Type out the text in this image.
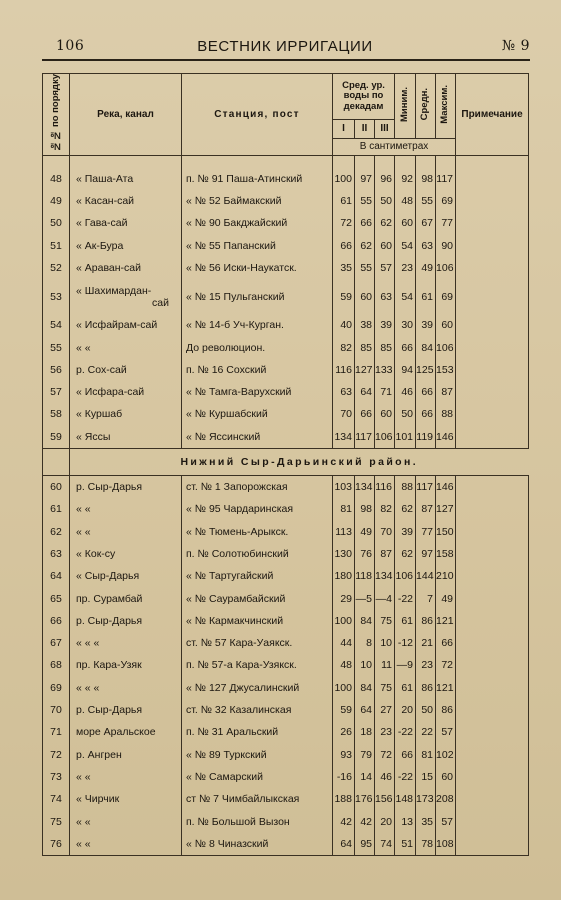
106	ВЕСТНИК ИРРИГАЦИИ	№ 9
№№ по порядку	Река, канал	Станция, пост	Сред. ур. воды по декадам			Миним.	Средн.	Максим.	Примечание
			I	II	III				
			В сантиметрах						

48	« Паша-Ата	п. № 91 Паша-Атинский	100	97	96	92	98	117	
49	« Касан-сай	« № 52 Баймакский	61	55	50	48	55	69	
50	« Гава-сай	« № 90 Бакджайский	72	66	62	60	67	77	
51	« Ак-Бура	« № 55 Папанский	66	62	60	54	63	90	
52	« Араван-сай	« № 56 Иски-Наукатск.	35	55	57	23	49	106	
53	« Шахимардан-
сай	« № 15 Пульганский	59	60	63	54	61	69	
54	« Исфайрам-сай	« № 14-б Уч-Курган.	40	38	39	30	39	60	
55	« «	До революцион.	82	85	85	66	84	106	
56	р. Сох-сай	п. № 16 Сохский	116	127	133	94	125	153	
57	« Исфара-сай	« № Тамга-Варухский	63	64	71	46	66	87	
58	« Куршаб	« № Куршабский	70	66	60	50	66	88	
59	« Яссы	« № Яссинский	134	117	106	101	119	146	
	Нижний Сыр-Дарьинский район.								
60	р. Сыр-Дарья	ст. № 1 Запорожская	103	134	116	88	117	146	
61	« «	« № 95 Чардаринская	81	98	82	62	87	127	
62	« «	« № Тюмень-Арыкск.	113	49	70	39	77	150	
63	« Кок-су	п. № Солотюбинский	130	76	87	62	97	158	
64	« Сыр-Дарья	« № Тартугайский	180	118	134	106	144	210	
65	пр. Сурамбай	« № Саурамбайский	29	—5	—4	-22	7	49	
66	р. Сыр-Дарья	« № Кармакчинский	100	84	75	61	86	121	
67	« « «	ст. № 57 Кара-Уаякск.	44	8	10	-12	21	66	
68	пр. Кара-Узяк	п. № 57-а Кара-Узякск.	48	10	11	—9	23	72	
69	« « «	« № 127 Джусалинский	100	84	75	61	86	121	
70	р. Сыр-Дарья	ст. № 32 Казалинская	59	64	27	20	50	86	
71	море Аральское	п. № 31 Аральский	26	18	23	-22	22	57	
72	р. Ангрен	« № 89 Туркский	93	79	72	66	81	102	
73	« «	« № Самарский	-16	14	46	-22	15	60	
74	« Чирчик	ст № 7 Чимбайлыкская	188	176	156	148	173	208	
75	« «	п. № Большой Вызон	42	42	20	13	35	57	
76	« «	« № 8 Чиназский	64	95	74	51	78	108	
